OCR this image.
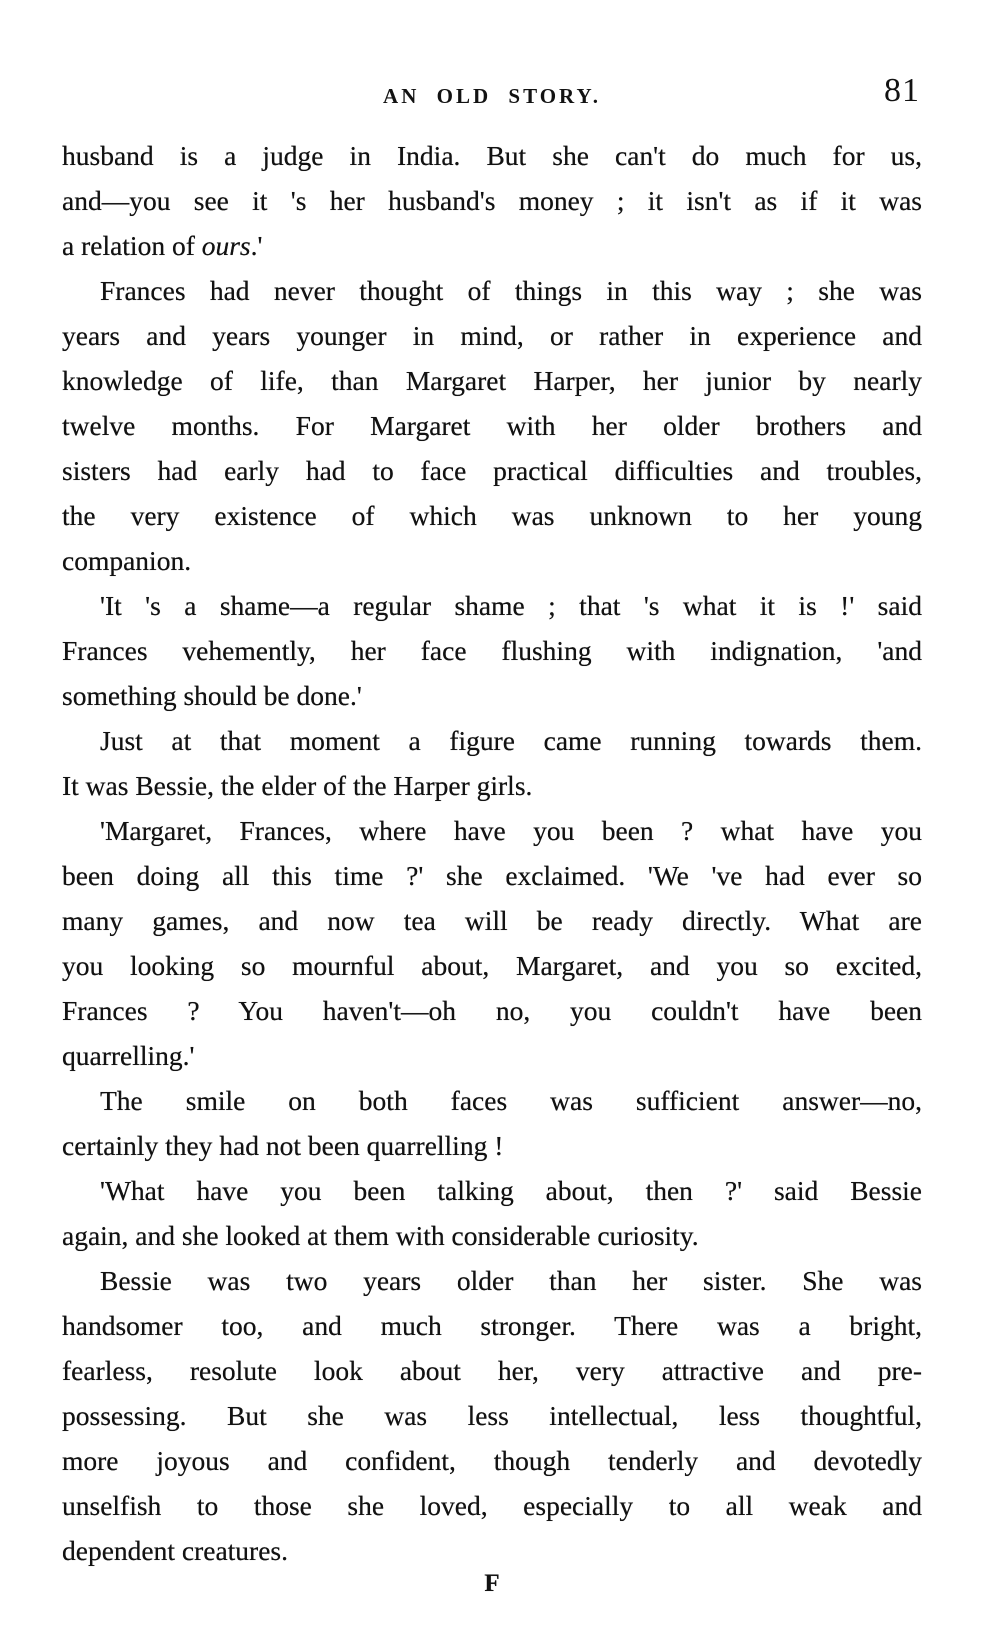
AN OLD STORY.	81
husband is a judge in India. But she can't do much for us,
and—you see it 's her husband's money ; it isn't as if it was
a relation of ours.'
Frances had never thought of things in this way ; she was
years and years younger in mind, or rather in experience and
knowledge of life, than Margaret Harper, her junior by nearly
twelve months. For Margaret with her older brothers and
sisters had early had to face practical difficulties and troubles,
the very existence of which was unknown to her young
companion.
'It 's a shame—a regular shame ; that 's what it is !' said
Frances vehemently, her face flushing with indignation, 'and
something should be done.'
Just at that moment a figure came running towards them.
It was Bessie, the elder of the Harper girls.
'Margaret, Frances, where have you been ? what have you
been doing all this time ?' she exclaimed. 'We 've had ever so
many games, and now tea will be ready directly. What are
you looking so mournful about, Margaret, and you so excited,
Frances ? You haven't—oh no, you couldn't have been
quarrelling.'
The smile on both faces was sufficient answer—no,
certainly they had not been quarrelling !
'What have you been talking about, then ?' said Bessie
again, and she looked at them with considerable curiosity.
Bessie was two years older than her sister. She was
handsomer too, and much stronger. There was a bright,
fearless, resolute look about her, very attractive and pre-
possessing. But she was less intellectual, less thoughtful,
more joyous and confident, though tenderly and devotedly
unselfish to those she loved, especially to all weak and
dependent creatures.
F
